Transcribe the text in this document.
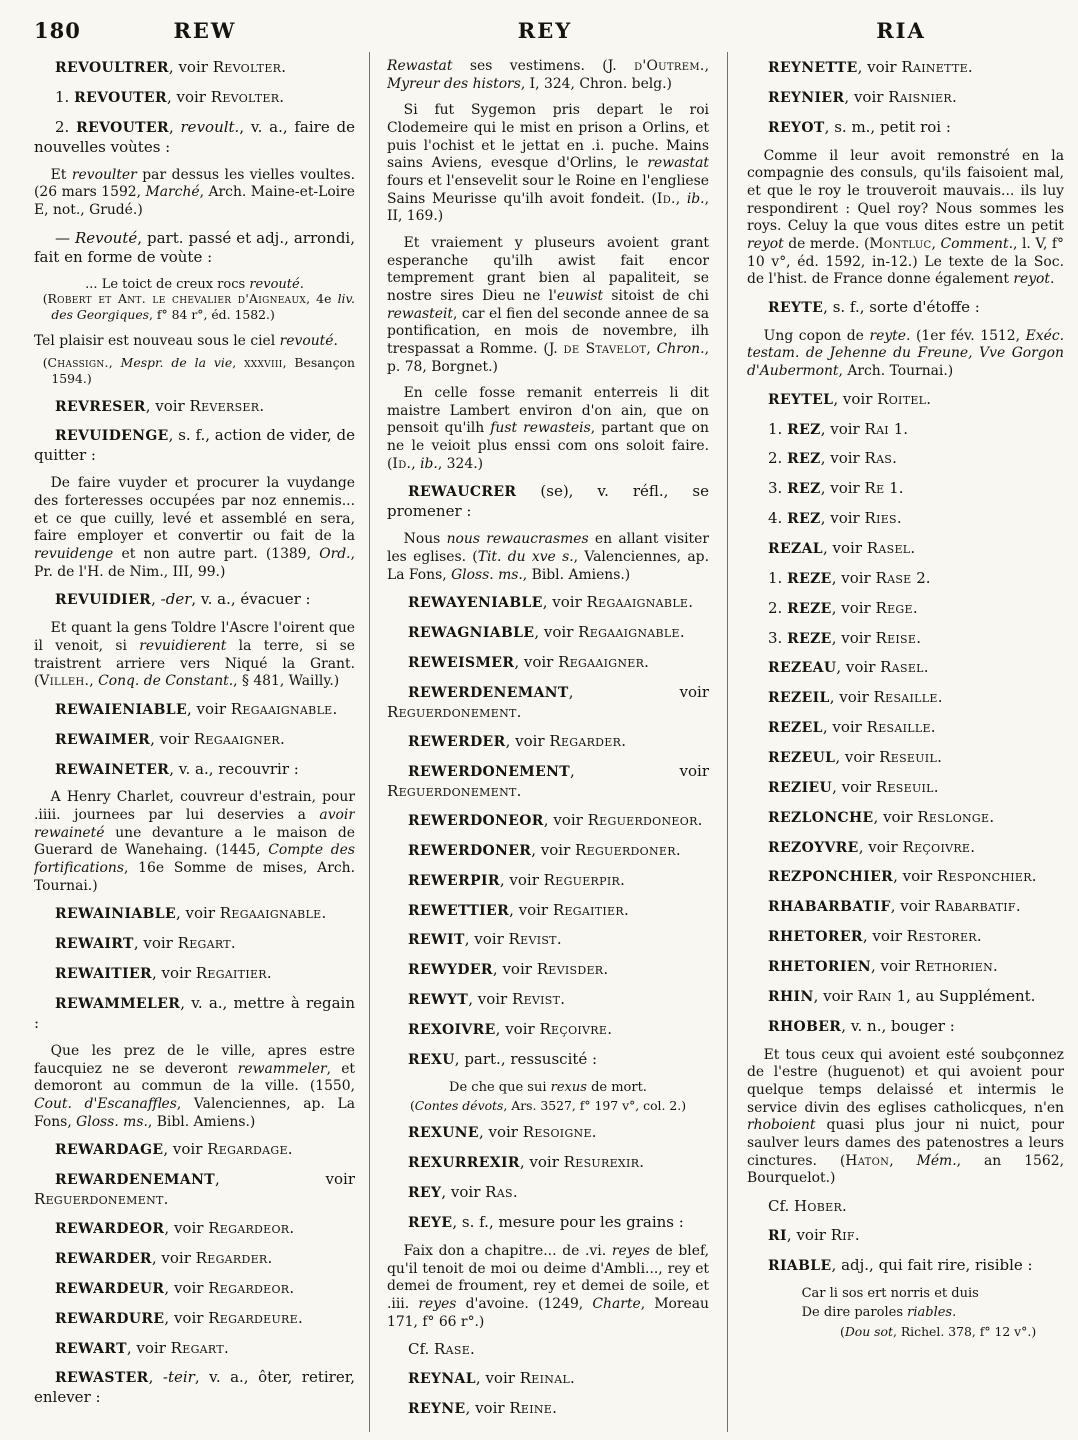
180	REW	REY	RIA

REVOULTRER, voir Revolter.

1. REVOUTER, voir Revolter.

2. REVOUTER, revoult., v. a., faire de nouvelles voùtes :

Et revoulter par dessus les vielles voultes. (26 mars 1592, Marché, Arch. Maine-et-Loire E, not., Grudé.)

— Revouté, part. passé et adj., arrondi, fait en forme de voùte :

... Le toict de creux rocs revouté.

(Robert et Ant. le chevalier d'Aigneaux, 4e liv. des Georgiques, f° 84 r°, éd. 1582.)

Tel plaisir est nouveau sous le ciel revouté.

(Chassign., Mespr. de la vie, xxxviii, Besançon 1594.)

REVRESER, voir Reverser.

REVUIDENGE, s. f., action de vider, de quitter :

De faire vuyder et procurer la vuydange des forteresses occupées par noz ennemis... et ce que cuilly, levé et assemblé en sera, faire employer et convertir ou fait de la revuidenge et non autre part. (1389, Ord., Pr. de l'H. de Nim., III, 99.)

REVUIDIER, -der, v. a., évacuer :

Et quant la gens Toldre l'Ascre l'oirent que il venoit, si revuidierent la terre, si se traistrent arriere vers Niqué la Grant. (Villeh., Conq. de Constant., § 481, Wailly.)

REWAIENIABLE, voir Regaaignable.

REWAIMER, voir Regaaigner.

REWAINETER, v. a., recouvrir :

A Henry Charlet, couvreur d'estrain, pour .iiii. journees par lui deservies a avoir rewaineté une devanture a le maison de Guerard de Wanehaing. (1445, Compte des fortifications, 16e Somme de mises, Arch. Tournai.)

REWAINIABLE, voir Regaaignable.

REWAIRT, voir Regart.

REWAITIER, voir Regaitier.

REWAMMELER, v. a., mettre à regain :

Que les prez de le ville, apres estre faucquiez ne se deveront rewammeler, et demoront au commun de la ville. (1550, Cout. d'Escanaffles, Valenciennes, ap. La Fons, Gloss. ms., Bibl. Amiens.)

REWARDAGE, voir Regardage.

REWARDENEMANT, voir Reguerdonement.

REWARDEOR, voir Regardeor.

REWARDER, voir Regarder.

REWARDEUR, voir Regardeor.

REWARDURE, voir Regardeure.

REWART, voir Regart.

REWASTER, -teir, v. a., ôter, retirer, enlever :

Rewastat ses vestimens. (J. d'Outrem., Myreur des histors, I, 324, Chron. belg.)

Si fut Sygemon pris depart le roi Clodemeire qui le mist en prison a Orlins, et puis l'ochist et le jettat en .i. puche. Mains sains Aviens, evesque d'Orlins, le rewastat fours et l'ensevelit sour le Roine en l'engliese Sains Meurisse qu'ilh avoit fondeit. (Id., ib., II, 169.)

Et vraiement y pluseurs avoient grant esperanche qu'ilh awist fait encor temprement grant bien al papaliteit, se nostre sires Dieu ne l'euwist sitoist de chi rewasteit, car el fien del seconde annee de sa pontification, en mois de novembre, ilh trespassat a Romme. (J. de Stavelot, Chron., p. 78, Borgnet.)

En celle fosse remanit enterreis li dit maistre Lambert environ d'on ain, que on pensoit qu'ilh fust rewasteis, partant que on ne le veioit plus enssi com ons soloit faire. (Id., ib., 324.)

REWAUCRER (se), v. réfl., se promener :

Nous nous rewaucrasmes en allant visiter les eglises. (Tit. du xve s., Valenciennes, ap. La Fons, Gloss. ms., Bibl. Amiens.)

REWAYENIABLE, voir Regaaignable.

REWAGNIABLE, voir Regaaignable.

REWEISMER, voir Regaaigner.

REWERDENEMANT, voir Reguerdonement.

REWERDER, voir Regarder.

REWERDONEMENT, voir Reguerdonement.

REWERDONEOR, voir Reguerdoneor.

REWERDONER, voir Reguerdoner.

REWERPIR, voir Reguerpir.

REWETTIER, voir Regaitier.

REWIT, voir Revist.

REWYDER, voir Revisder.

REWYT, voir Revist.

REXOIVRE, voir Reçoivre.

REXU, part., ressuscité :

De che que sui rexus de mort.

(Contes dévots, Ars. 3527, f° 197 v°, col. 2.)

REXUNE, voir Resoigne.

REXURREXIR, voir Resurexir.

REY, voir Ras.

REYE, s. f., mesure pour les grains :

Faix don a chapitre... de .vi. reyes de blef, qu'il tenoit de moi ou deime d'Ambli..., rey et demei de froument, rey et demei de soile, et .iii. reyes d'avoine. (1249, Charte, Moreau 171, f° 66 r°.)

Cf. Rase.

REYNAL, voir Reinal.

REYNE, voir Reine.

REYNETTE, voir Rainette.

REYNIER, voir Raisnier.

REYOT, s. m., petit roi :

Comme il leur avoit remonstré en la compagnie des consuls, qu'ils faisoient mal, et que le roy le trouveroit mauvais... ils luy respondirent : Quel roy? Nous sommes les roys. Celuy la que vous dites estre un petit reyot de merde. (Montluc, Comment., l. V, f° 10 v°, éd. 1592, in-12.) Le texte de la Soc. de l'hist. de France donne également reyot.

REYTE, s. f., sorte d'étoffe :

Ung copon de reyte. (1er fév. 1512, Exéc. testam. de Jehenne du Freune, Vve Gorgon d'Aubermont, Arch. Tournai.)

REYTEL, voir Roitel.

1. REZ, voir Rai 1.

2. REZ, voir Ras.

3. REZ, voir Re 1.

4. REZ, voir Ries.

REZAL, voir Rasel.

1. REZE, voir Rase 2.

2. REZE, voir Rege.

3. REZE, voir Reise.

REZEAU, voir Rasel.

REZEIL, voir Resaille.

REZEL, voir Resaille.

REZEUL, voir Reseuil.

REZIEU, voir Reseuil.

REZLONCHE, voir Reslonge.

REZOYVRE, voir Reçoivre.

REZPONCHIER, voir Responchier.

RHABARBATIF, voir Rabarbatif.

RHETORER, voir Restorer.

RHETORIEN, voir Rethorien.

RHIN, voir Rain 1, au Supplément.

RHOBER, v. n., bouger :

Et tous ceux qui avoient esté soubçonnez de l'estre (huguenot) et qui avoient pour quelque temps delaissé et intermis le service divin des eglises catholicques, n'en rhoboient quasi plus jour ni nuict, pour saulver leurs dames des patenostres a leurs cinctures. (Haton, Mém., an 1562, Bourquelot.)

Cf. Hober.

RI, voir Rif.

RIABLE, adj., qui fait rire, risible :

Car li sos ert norris et duis

De dire paroles riables.

(Dou sot, Richel. 378, f° 12 v°.)
